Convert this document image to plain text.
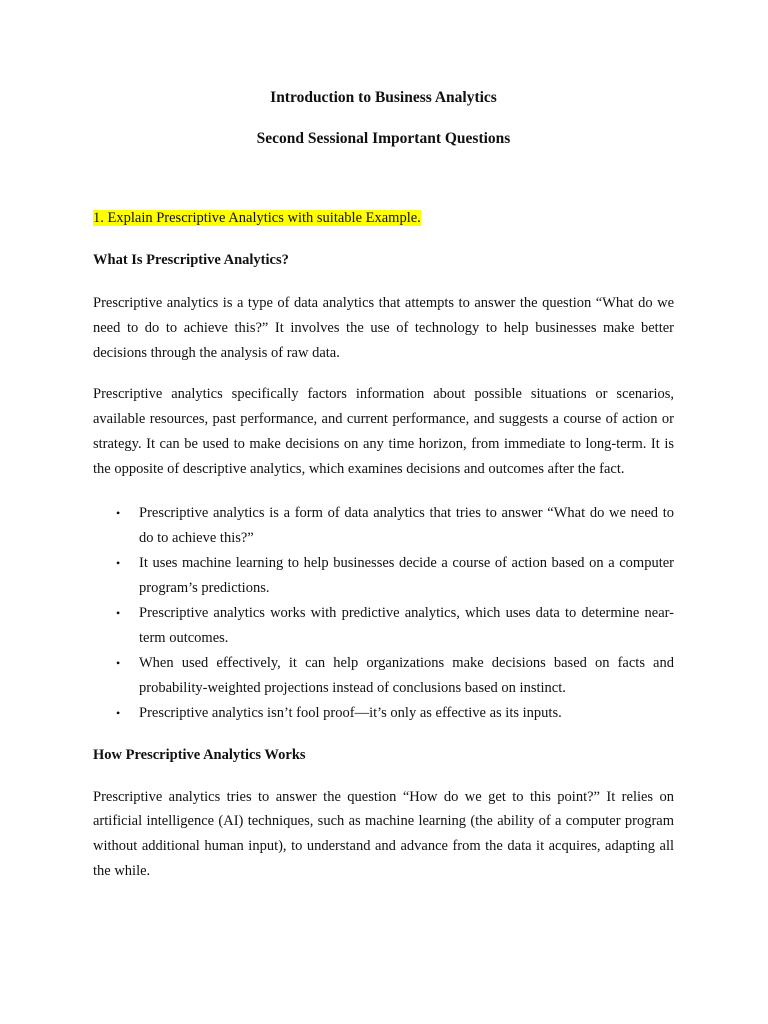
Introduction to Business Analytics
Second Sessional Important Questions
1. Explain Prescriptive Analytics with suitable Example.

What Is Prescriptive Analytics?

Prescriptive analytics is a type of data analytics that attempts to answer the question “What do we need to do to achieve this?” It involves the use of technology to help businesses make better decisions through the analysis of raw data.

Prescriptive analytics specifically factors information about possible situations or scenarios, available resources, past performance, and current performance, and suggests a course of action or strategy. It can be used to make decisions on any time horizon, from immediate to long-term. It is the opposite of descriptive analytics, which examines decisions and outcomes after the fact.

• Prescriptive analytics is a form of data analytics that tries to answer “What do we need to do to achieve this?”
• It uses machine learning to help businesses decide a course of action based on a computer program’s predictions.
• Prescriptive analytics works with predictive analytics, which uses data to determine near-term outcomes.
• When used effectively, it can help organizations make decisions based on facts and probability-weighted projections instead of conclusions based on instinct.
• Prescriptive analytics isn’t fool proof—it’s only as effective as its inputs.

How Prescriptive Analytics Works

Prescriptive analytics tries to answer the question “How do we get to this point?” It relies on artificial intelligence (AI) techniques, such as machine learning (the ability of a computer program without additional human input), to understand and advance from the data it acquires, adapting all the while.
